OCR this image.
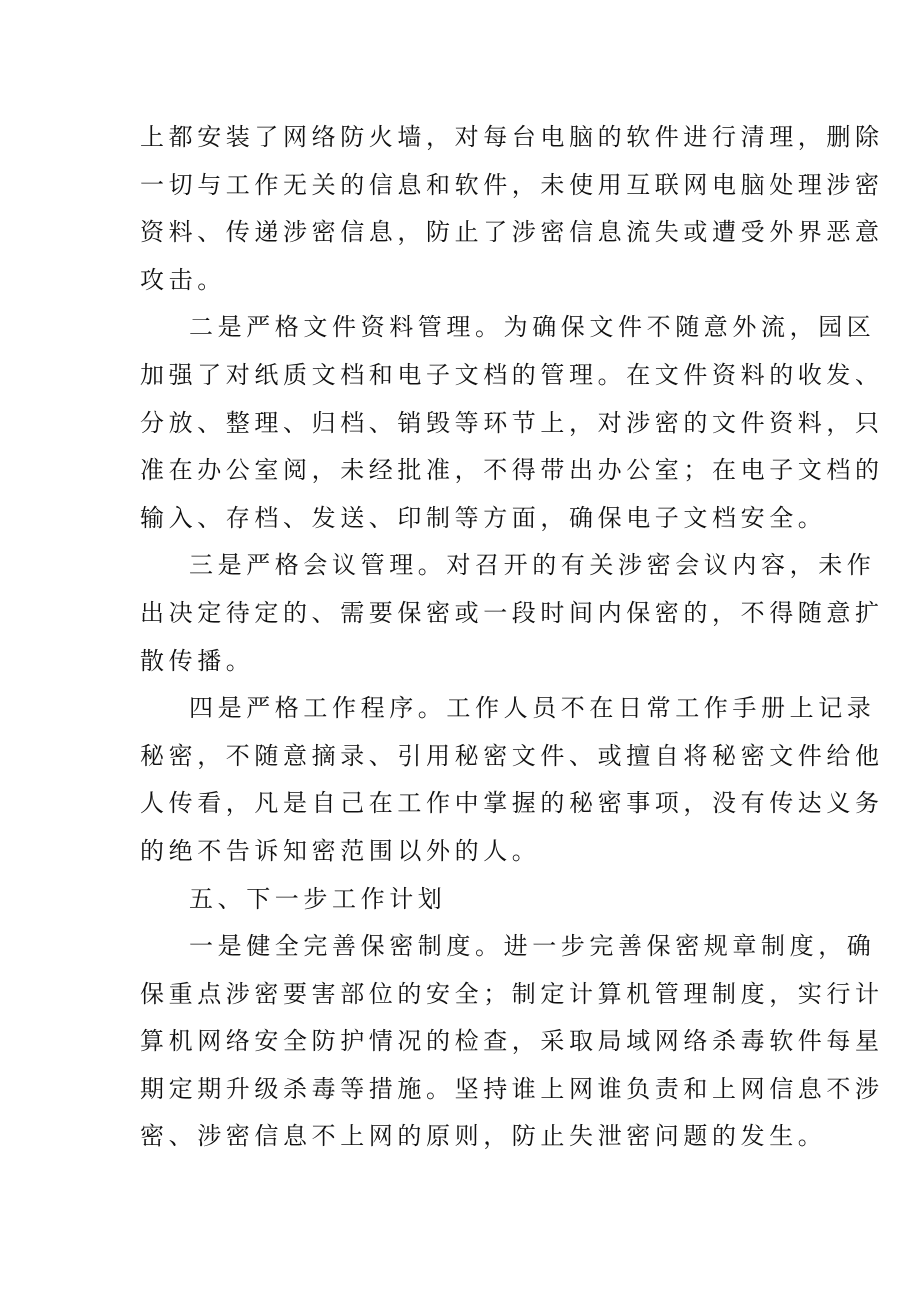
上都安装了网络防火墙，对每台电脑的软件进行清理，删除
一切与工作无关的信息和软件，未使用互联网电脑处理涉密
资料、传递涉密信息，防止了涉密信息流失或遭受外界恶意
攻击。
二是严格文件资料管理。为确保文件不随意外流，园区
加强了对纸质文档和电子文档的管理。在文件资料的收发、
分放、整理、归档、销毁等环节上，对涉密的文件资料，只
准在办公室阅，未经批准，不得带出办公室；在电子文档的
输入、存档、发送、印制等方面，确保电子文档安全。
三是严格会议管理。对召开的有关涉密会议内容，未作
出决定待定的、需要保密或一段时间内保密的，不得随意扩
散传播。
四是严格工作程序。工作人员不在日常工作手册上记录
秘密，不随意摘录、引用秘密文件、或擅自将秘密文件给他
人传看，凡是自己在工作中掌握的秘密事项，没有传达义务
的绝不告诉知密范围以外的人。
五、下一步工作计划
一是健全完善保密制度。进一步完善保密规章制度，确
保重点涉密要害部位的安全；制定计算机管理制度，实行计
算机网络安全防护情况的检查，采取局域网络杀毒软件每星
期定期升级杀毒等措施。坚持谁上网谁负责和上网信息不涉
密、涉密信息不上网的原则，防止失泄密问题的发生。
